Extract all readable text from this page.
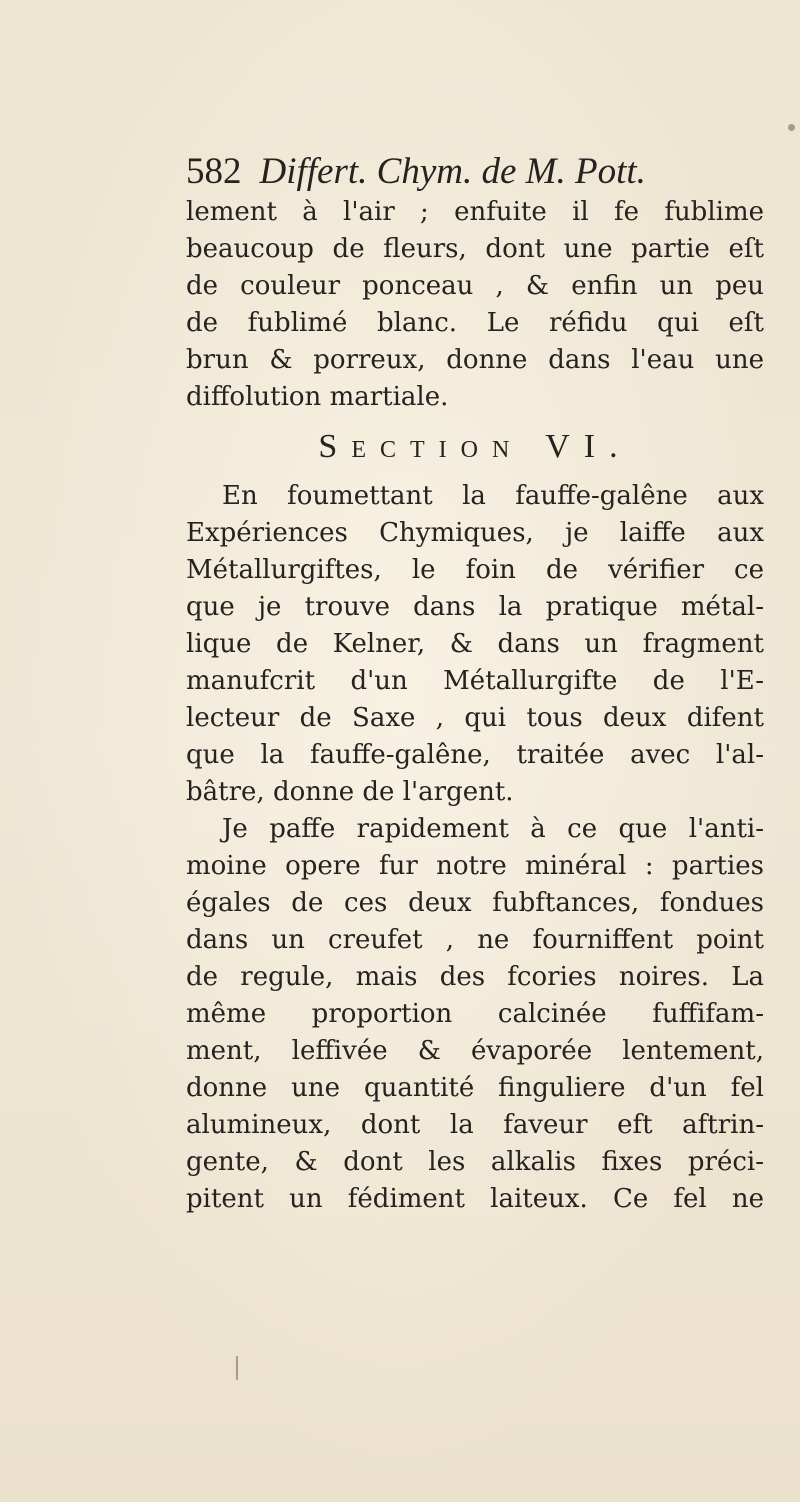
582 Differt. Chym. de M. Pott.
lement à l'air ; enfuite il fe fublime
beaucoup de fleurs, dont une partie eſt
de couleur ponceau , & enfin un peu
de fublimé blanc. Le réfidu qui eſt
brun & porreux, donne dans l'eau une
diffolution martiale.
Section VI.
En foumettant la fauffe-galêne aux
Expériences Chymiques, je laiffe aux
Métallurgiftes, le foin de vérifier ce
que je trouve dans la pratique métal-
lique de Kelner, & dans un fragment
manufcrit d'un Métallurgifte de l'E-
lecteur de Saxe , qui tous deux difent
que la fauffe-galêne, traitée avec l'al-
bâtre, donne de l'argent.
Je paffe rapidement à ce que l'anti-
moine opere fur notre minéral : parties
égales de ces deux fubftances, fondues
dans un creufet , ne fourniffent point
de regule, mais des fcories noires. La
même proportion calcinée fuffifam-
ment, leffivée & évaporée lentement,
donne une quantité finguliere d'un fel
alumineux, dont la faveur eft aftrin-
gente, & dont les alkalis fixes préci-
pitent un fédiment laiteux. Ce fel ne
